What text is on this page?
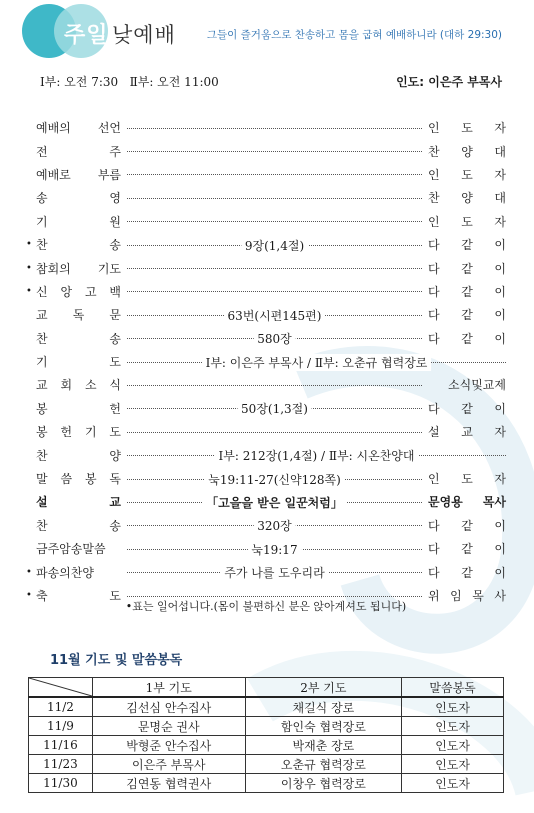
주일 낮예배	그들이 즐거움으로 찬송하고 몸을 굽혀 예배하니라 (대하 29:30)
Ⅰ부: 오전 7:30   Ⅱ부: 오전 11:00	인도: 이은주 부목사
예배의 선언	인 도 자
전	주	찬 양 대
예배로 부름	인 도 자
송	영	찬 양 대
기	원	인 도 자
• 찬	송	9장(1,4절)	다 같 이
• 참회의 기도	다 같 이
• 신 앙 고 백	다 같 이
교 독 문	63번(시편145편)	다 같 이
찬	송	580장	다 같 이
기	도	Ⅰ부: 이은주 부목사 / Ⅱ부: 오춘규 협력장로
교 회 소 식	소식및교제
봉	헌	50장(1,3절)	다 같 이
봉 헌 기 도	설 교 자
찬	양	Ⅰ부: 212장(1,4절) / Ⅱ부: 시온찬양대
말 씀 봉 독	눅19:11-27(신약128쪽)	인 도 자
설	교	「고을을 받은 일꾼처럼」	문영용 목사
찬	송	320장	다 같 이
금주암송말씀	눅19:17	다 같 이
• 파송의찬양	주가 나를 도우리라	다 같 이
• 축	도	위 임 목 사
•표는 일어섭니다.(몸이 불편하신 분은 앉아계셔도 됩니다)
11월 기도 및 말씀봉독
	1부 기도	2부 기도	말씀봉독
11/2	김선심 안수집사	채길식 장로	인도자
11/9	문명순 권사	함인숙 협력장로	인도자
11/16	박형준 안수집사	박재춘 장로	인도자
11/23	이은주 부목사	오춘규 협력장로	인도자
11/30	김연동 협력권사	이창우 협력장로	인도자
